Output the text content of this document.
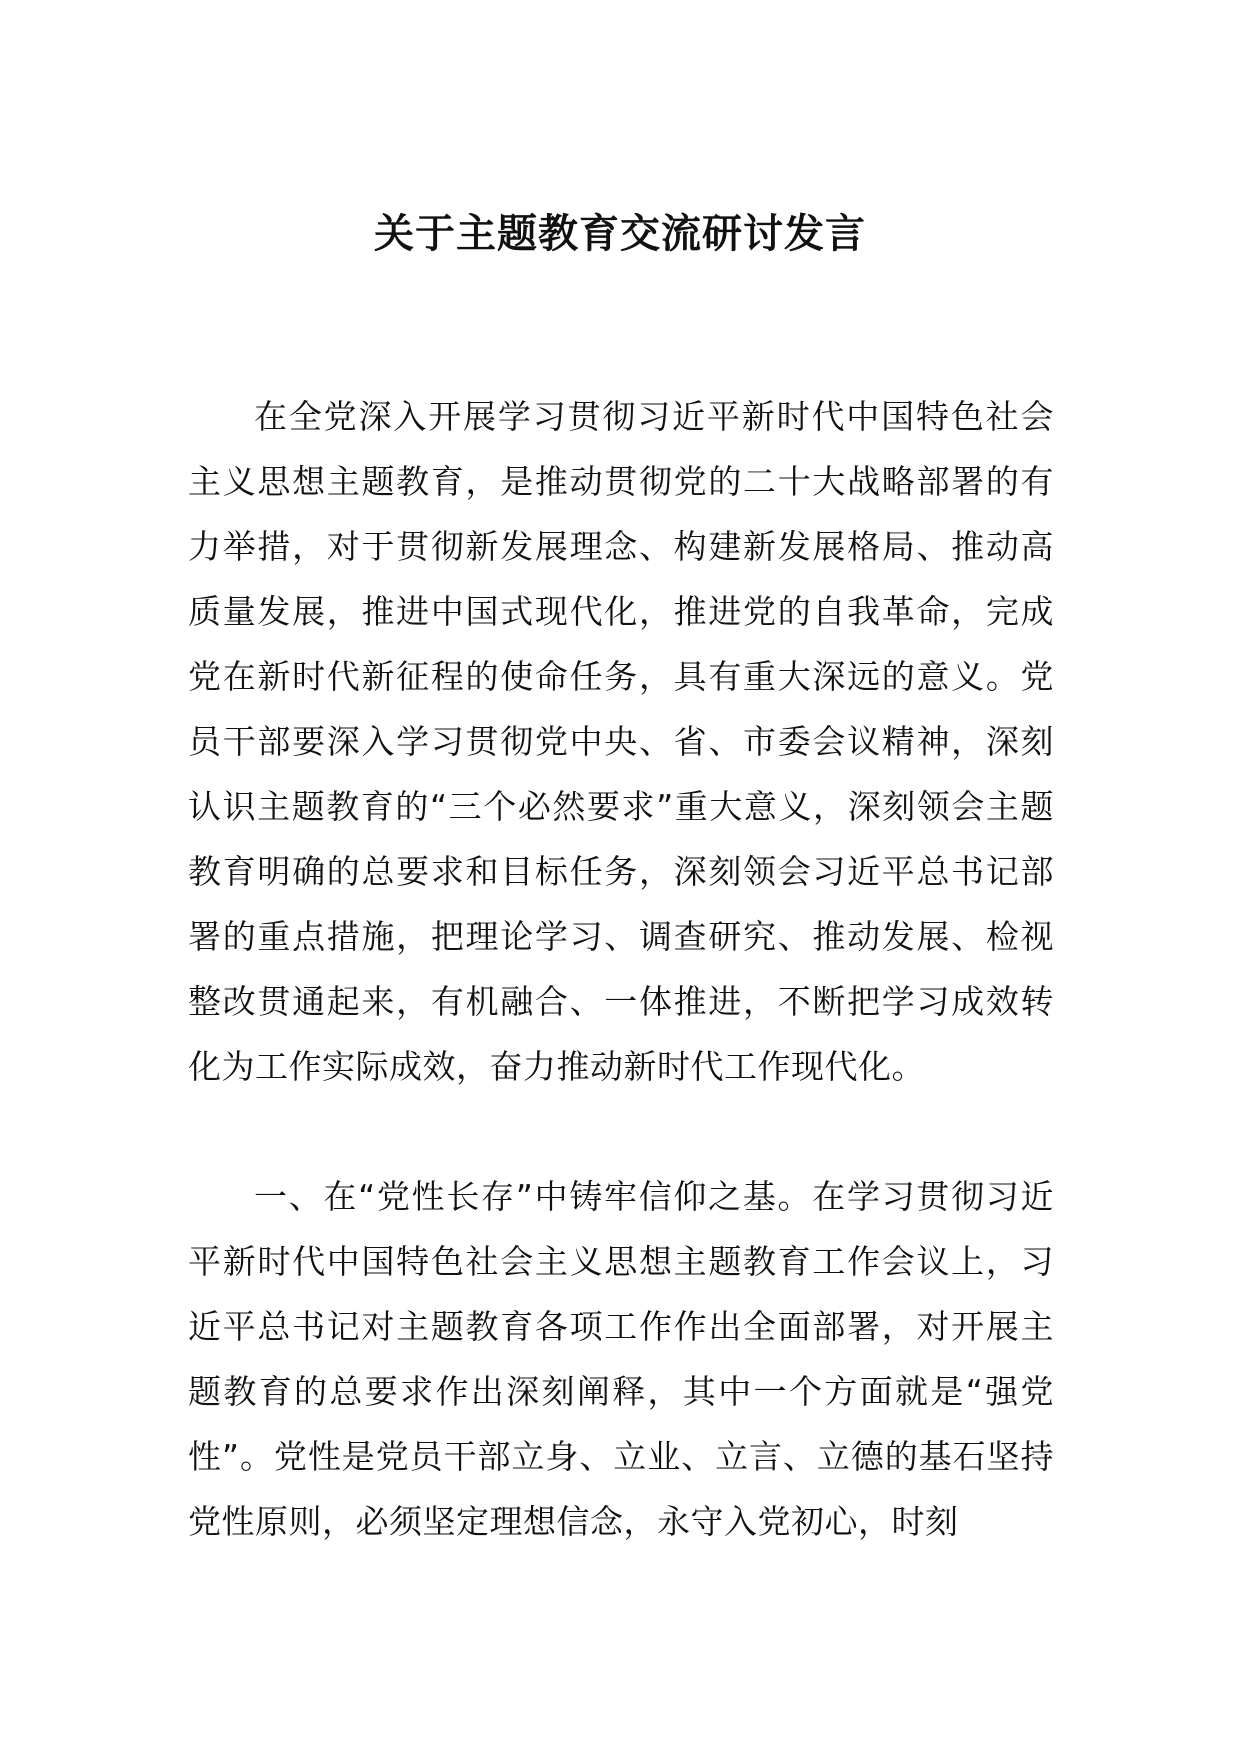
关于主题教育交流研讨发言

在全党深入开展学习贯彻习近平新时代中国特色社会主义思想主题教育，是推动贯彻党的二十大战略部署的有力举措，对于贯彻新发展理念、构建新发展格局、推动高质量发展，推进中国式现代化，推进党的自我革命，完成党在新时代新征程的使命任务，具有重大深远的意义。党员干部要深入学习贯彻党中央、省、市委会议精神，深刻认识主题教育的“三个必然要求”重大意义，深刻领会主题教育明确的总要求和目标任务，深刻领会习近平总书记部署的重点措施，把理论学习、调查研究、推动发展、检视整改贯通起来，有机融合、一体推进，不断把学习成效转化为工作实际成效，奋力推动新时代工作现代化。

一、在“党性长存”中铸牢信仰之基。在学习贯彻习近平新时代中国特色社会主义思想主题教育工作会议上，习近平总书记对主题教育各项工作作出全面部署，对开展主题教育的总要求作出深刻阐释，其中一个方面就是“强党性”。党性是党员干部立身、立业、立言、立德的基石坚持党性原则，必须坚定理想信念，永守入党初心，时刻
